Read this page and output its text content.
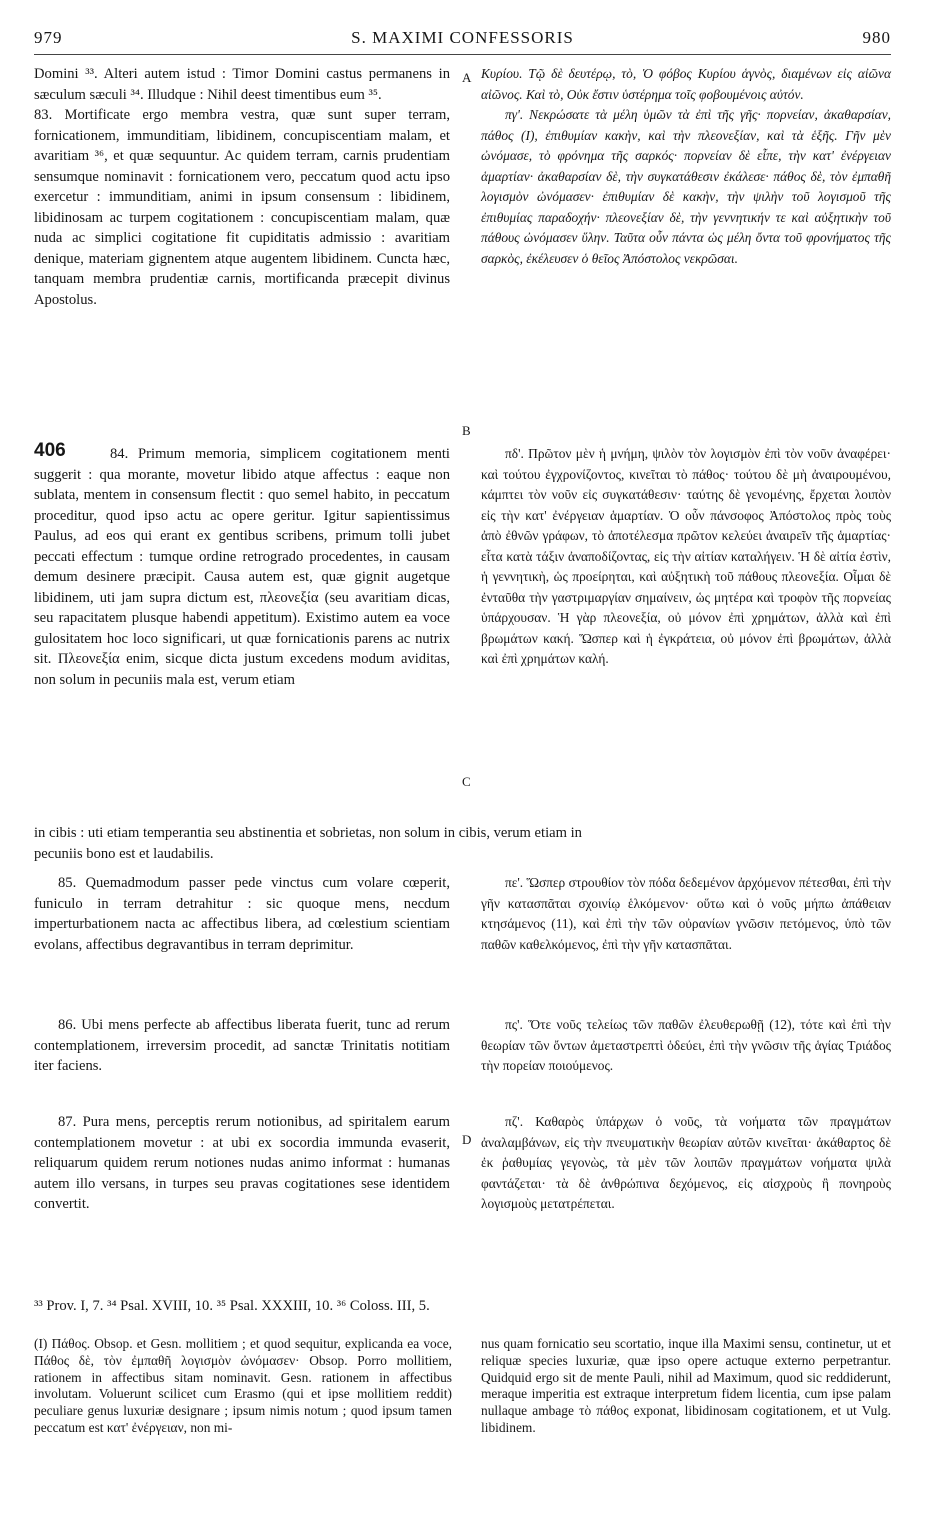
979	S. MAXIMI CONFESSORIS	980
A
B
C
D
406

Domini ³³. Alteri autem istud : Timor Domini castus permanens in sæculum sæculi ³⁴. Illudque : Nihil deest timentibus eum ³⁵.

83. Mortificate ergo membra vestra, quæ sunt super terram, fornicationem, immunditiam, libidinem, concupiscentiam malam, et avaritiam ³⁶, et quæ sequuntur. Ac quidem terram, carnis prudentiam sensumque nominavit : fornicationem vero, peccatum quod actu ipso exercetur : immunditiam, animi in ipsum consensum : libidinem, libidinosam ac turpem cogitationem : concupiscentiam malam, quæ nuda ac simplici cogitatione fit cupiditatis admissio : avaritiam denique, materiam gignentem atque augentem libidinem. Cuncta hæc, tanquam membra prudentiæ carnis, mortificanda præcepit divinus Apostolus.

84. Primum memoria, simplicem cogitationem menti suggerit : qua morante, movetur libido atque affectus : eaque non sublata, mentem in consensum flectit : quo semel habito, in peccatum proceditur, quod ipso actu ac opere geritur. Igitur sapientissimus Paulus, ad eos qui erant ex gentibus scribens, primum tolli jubet peccati effectum : tumque ordine retrogrado procedentes, in causam demum desinere præcipit. Causa autem est, quæ gignit augetque libidinem, uti jam supra dictum est, πλεονεξία (seu avaritiam dicas, seu rapacitatem plusque habendi appetitum). Existimo autem ea voce gulositatem hoc loco significari, ut quæ fornicationis parens ac nutrix sit. Πλεονεξία enim, sicque dicta justum excedens modum aviditas, non solum in pecuniis mala est, verum etiam

Κυρίου. Τῷ δὲ δευτέρῳ, τὸ, Ὁ φόβος Κυρίου ἁγνὸς, διαμένων εἰς αἰῶνα αἰῶνος. Καὶ τὸ, Οὐκ ἔστιν ὑστέρημα τοῖς φοβουμένοις αὐτόν.

πγ'. Νεκρώσατε τὰ μέλη ὑμῶν τὰ ἐπὶ τῆς γῆς· πορνείαν, ἀκαθαρσίαν, πάθος (I), ἐπιθυμίαν κακὴν, καὶ τὴν πλεονεξίαν, καὶ τὰ ἑξῆς. Γῆν μὲν ὠνόμασε, τὸ φρόνημα τῆς σαρκός· πορνείαν δὲ εἶπε, τὴν κατ' ἐνέργειαν ἁμαρτίαν· ἀκαθαρσίαν δὲ, τὴν συγκατάθεσιν ἐκάλεσε· πάθος δὲ, τὸν ἐμπαθῆ λογισμὸν ὠνόμασεν· ἐπιθυμίαν δὲ κακὴν, τὴν ψιλὴν τοῦ λογισμοῦ τῆς ἐπιθυμίας παραδοχήν· πλεονεξίαν δὲ, τὴν γεννητικήν τε καὶ αὐξητικὴν τοῦ πάθους ὠνόμασεν ὕλην. Ταῦτα οὖν πάντα ὡς μέλη ὄντα τοῦ φρονήματος τῆς σαρκὸς, ἐκέλευσεν ὁ θεῖος Ἀπόστολος νεκρῶσαι.

πδ'. Πρῶτον μὲν ἡ μνήμη, ψιλὸν τὸν λογισμὸν ἐπὶ τὸν νοῦν ἀναφέρει· καὶ τούτου ἐγχρονίζοντος, κινεῖται τὸ πάθος· τούτου δὲ μὴ ἀναιρουμένου, κάμπτει τὸν νοῦν εἰς συγκατάθεσιν· ταύτης δὲ γενομένης, ἔρχεται λοιπὸν εἰς τὴν κατ' ἐνέργειαν ἁμαρτίαν. Ὁ οὖν πάνσοφος Ἀπόστολος πρὸς τοὺς ἀπὸ ἐθνῶν γράφων, τὸ ἀποτέλεσμα πρῶτον κελεύει ἀναιρεῖν τῆς ἁμαρτίας· εἶτα κατὰ τάξιν ἀναποδίζοντας, εἰς τὴν αἰτίαν καταλήγειν. Ἡ δὲ αἰτία ἐστὶν, ἡ γεννητικὴ, ὡς προείρηται, καὶ αὐξητικὴ τοῦ πάθους πλεονεξία. Οἶμαι δὲ ἐνταῦθα τὴν γαστριμαργίαν σημαίνειν, ὡς μητέρα καὶ τροφὸν τῆς πορνείας ὑπάρχουσαν. Ἡ γὰρ πλεονεξία, οὐ μόνον ἐπὶ χρημάτων, ἀλλὰ καὶ ἐπὶ βρωμάτων κακή. Ὥσπερ καὶ ἡ ἐγκράτεια, οὐ μόνον ἐπὶ βρωμάτων, ἀλλὰ καὶ ἐπὶ χρημάτων καλή.

in cibis : uti etiam temperantia seu abstinentia et sobrietas, non solum in cibis, verum etiam in

pecuniis bono est et laudabilis.

85. Quemadmodum passer pede vinctus cum volare cœperit, funiculo in terram detrahitur : sic quoque mens, necdum imperturbationem nacta ac affectibus libera, ad cœlestium scientiam evolans, affectibus degravantibus in terram deprimitur.

86. Ubi mens perfecte ab affectibus liberata fuerit, tunc ad rerum contemplationem, irreversim procedit, ad sanctæ Trinitatis notitiam iter faciens.

87. Pura mens, perceptis rerum notionibus, ad spiritalem earum contemplationem movetur : at ubi ex socordia immunda evaserit, reliquarum quidem rerum notiones nudas animo informat : humanas autem illo versans, in turpes seu pravas cogitationes sese identidem convertit.

πε'. Ὥσπερ στρουθίον τὸν πόδα δεδεμένον ἀρχόμενον πέτεσθαι, ἐπὶ τὴν γῆν κατασπᾶται σχοινίῳ ἑλκόμενον· οὕτω καὶ ὁ νοῦς μήπω ἀπάθειαν κτησάμενος (11), καὶ ἐπὶ τὴν τῶν οὐρανίων γνῶσιν πετόμενος, ὑπὸ τῶν παθῶν καθελκόμενος, ἐπὶ τὴν γῆν κατασπᾶται.

πς'. Ὅτε νοῦς τελείως τῶν παθῶν ἐλευθερωθῇ (12), τότε καὶ ἐπὶ τὴν θεωρίαν τῶν ὄντων ἀμεταστρεπτὶ ὁδεύει, ἐπὶ τὴν γνῶσιν τῆς ἁγίας Τριάδος τὴν πορείαν ποιούμενος.

πζ'. Καθαρὸς ὑπάρχων ὁ νοῦς, τὰ νοήματα τῶν πραγμάτων ἀναλαμβάνων, εἰς τὴν πνευματικὴν θεωρίαν αὐτῶν κινεῖται· ἀκάθαρτος δὲ ἐκ ῥαθυμίας γεγονὼς, τὰ μὲν τῶν λοιπῶν πραγμάτων νοήματα ψιλὰ φαντάζεται· τὰ δὲ ἀνθρώπινα δεχόμενος, εἰς αἰσχροὺς ἢ πονηροὺς λογισμοὺς μετατρέπεται.

³³ Prov. I, 7. ³⁴ Psal. XVIII, 10. ³⁵ Psal. XXXIII, 10. ³⁶ Coloss. III, 5.
(I) Πάθος. Obsop. et Gesn. mollitiem ; et quod sequitur, explicanda ea voce, Πάθος δὲ, τὸν ἐμπαθῆ λογισμὸν ὠνόμασεν· Obsop. Porro mollitiem, rationem in affectibus sitam nominavit. Gesn. rationem in affectibus involutam. Voluerunt scilicet cum Erasmo (qui et ipse mollitiem reddit) peculiare genus luxuriæ designare ; ipsum nimis notum ; quod ipsum tamen peccatum est κατ' ἐνέργειαν, non mi-
nus quam fornicatio seu scortatio, inque illa Maximi sensu, continetur, ut et reliquæ species luxuriæ, quæ ipso opere actuque externo perpetrantur. Quidquid ergo sit de mente Pauli, nihil ad Maximum, quod sic reddiderunt, meraque imperitia est extraque interpretum fidem licentia, cum ipse palam nullaque ambage τὸ πάθος exponat, libidinosam cogitationem, et ut Vulg. libidinem.
